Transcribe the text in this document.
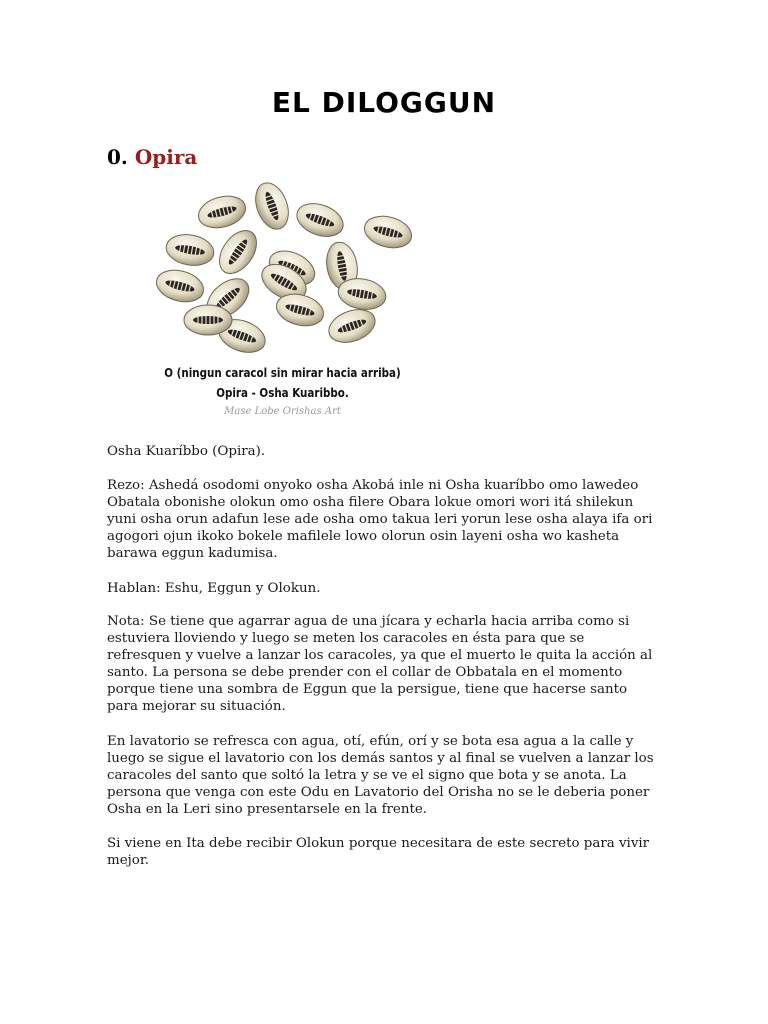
EL DILOGGUN
0. Opira
O (ningun caracol sin mirar hacia arriba)
Opira - Osha Kuaribbo.
Mase Lobe Orishas Art
Osha Kuaríbbo (Opira).
Rezo: Ashedá osodomi onyoko osha Akobá inle ni Osha kuaríbbo omo lawedeo Obatala obonishe olokun omo osha filere Obara lokue omori wori itá shilekun yuni osha orun adafun lese ade osha omo takua leri yorun lese osha alaya ifa ori agogori ojun ikoko bokele mafilele lowo olorun osin layeni osha wo kasheta barawa eggun kadumisa.
Hablan: Eshu, Eggun y Olokun.
Nota: Se tiene que agarrar agua de una jícara y echarla hacia arriba como si estuviera lloviendo y luego se meten los caracoles en ésta para que se refresquen y vuelve a lanzar los caracoles, ya que el muerto le quita la acción al santo. La persona se debe prender con el collar de Obbatala en el momento porque tiene una sombra de Eggun que la persigue, tiene que hacerse santo para mejorar su situación.
En lavatorio se refresca con agua, otí, efún, orí y se bota esa agua a la calle y luego se sigue el lavatorio con los demás santos y al final se vuelven a lanzar los caracoles del santo que soltó la letra y se ve el signo que bota y se anota. La persona que venga con este Odu en Lavatorio del Orisha no se le deberia poner Osha en la Leri sino presentarsele en la frente.
Si viene en Ita debe recibir Olokun porque necesitara de este secreto para vivir mejor.
